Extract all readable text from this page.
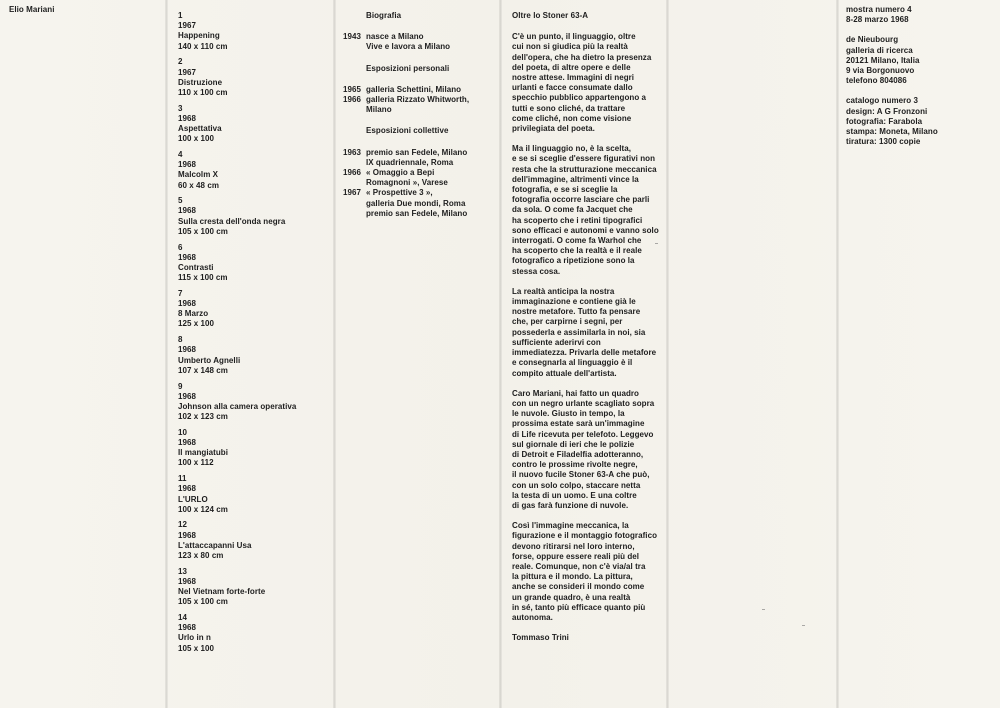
Elio Mariani
1
1967
Happening
140 x 110 cm
2
1967
Distruzione
110 x 100 cm
3
1968
Aspettativa
100 x 100
4
1968
Malcolm X
60 x 48 cm
5
1968
Sulla cresta dell'onda negra
105 x 100 cm
6
1968
Contrasti
115 x 100 cm
7
1968
8 Marzo
125 x 100
8
1968
Umberto Agnelli
107 x 148 cm
9
1968
Johnson alla camera operativa
102 x 123 cm
10
1968
Il mangiatubi
100 x 112
11
1968
L'URLO
100 x 124 cm
12
1968
L'attaccapanni Usa
123 x 80 cm
13
1968
Nel Vietnam forte-forte
105 x 100 cm
14
1968
Urlo in n
105 x 100
Biografia
1943 nasce a Milano
Vive e lavora a Milano
Esposizioni personali
1965 galleria Schettini, Milano
1966 galleria Rizzato Whitworth,
Milano
Esposizioni collettive
1963 premio san Fedele, Milano
IX quadriennale, Roma
1966 « Omaggio a Bepi
Romagnoni », Varese
1967 « Prospettive 3 »,
galleria Due mondi, Roma
premio san Fedele, Milano
Oltre lo Stoner 63-A
C'è un punto, il linguaggio, oltre
cui non si giudica più la realtà
dell'opera, che ha dietro la presenza
del poeta, di altre opere e delle
nostre attese. Immagini di negri
urlanti e facce consumate dallo
specchio pubblico appartengono a
tutti e sono cliché, da trattare
come cliché, non come visione
privilegiata del poeta.
Ma il linguaggio no, è la scelta,
e se si sceglie d'essere figurativi non
resta che la strutturazione meccanica
dell'immagine, altrimenti vince la
fotografia, e se si sceglie la
fotografia occorre lasciare che parli
da sola. O come fa Jacquet che
ha scoperto che i retini tipografici
sono efficaci e autonomi e vanno solo
interrogati. O come fa Warhol che
ha scoperto che la realtà e il reale
fotografico a ripetizione sono la
stessa cosa.
La realtà anticipa la nostra
immaginazione e contiene già le
nostre metafore. Tutto fa pensare
che, per carpirne i segni, per
possederla e assimilarla in noi, sia
sufficiente aderirvi con
immediatezza. Privarla delle metafore
e consegnarla al linguaggio è il
compito attuale dell'artista.
Caro Mariani, hai fatto un quadro
con un negro urlante scagliato sopra
le nuvole. Giusto in tempo, la
prossima estate sarà un'immagine
di Life ricevuta per telefoto. Leggevo
sul giornale di ieri che le polizie
di Detroit e Filadelfia adotteranno,
contro le prossime rivolte negre,
il nuovo fucile Stoner 63-A che può,
con un solo colpo, staccare netta
la testa di un uomo. E una coltre
di gas farà funzione di nuvole.
Così l'immagine meccanica, la
figurazione e il montaggio fotografico
devono ritirarsi nel loro interno,
forse, oppure essere reali più del
reale. Comunque, non c'è via/al tra
la pittura e il mondo. La pittura,
anche se consideri il mondo come
un grande quadro, è una realtà
in sé, tanto più efficace quanto più
autonoma.
Tommaso Trini
mostra numero 4
8-28 marzo 1968
de Nieubourg
galleria di ricerca
20121 Milano, Italia
9 via Borgonuovo
telefono 804086
catalogo numero 3
design: A G Fronzoni
fotografia: Farabola
stampa: Moneta, Milano
tiratura: 1300 copie
